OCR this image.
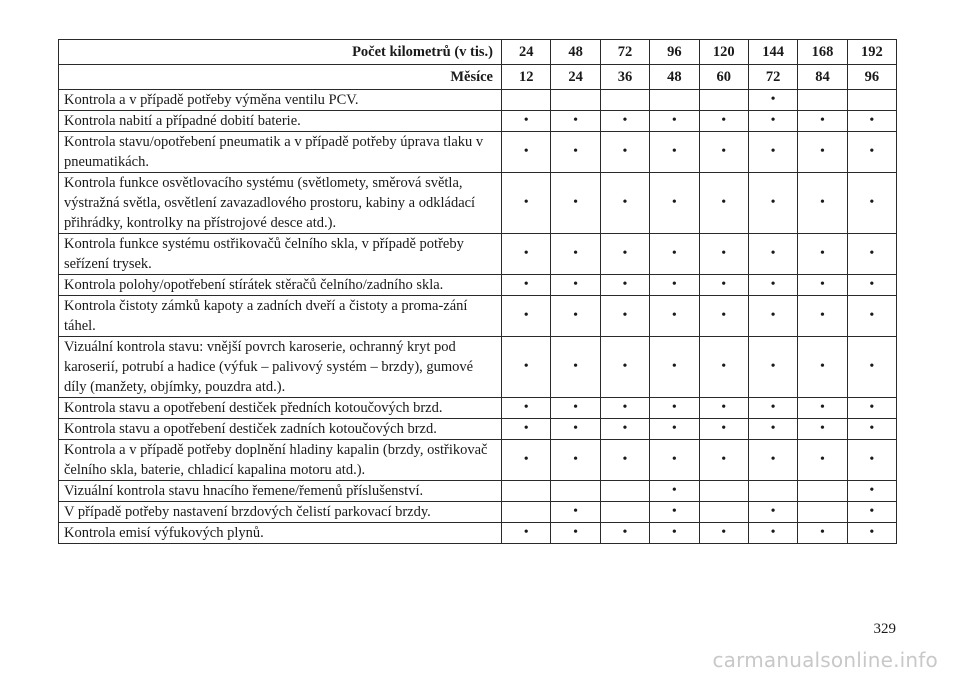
Počet kilometrů (v tis.)	24	48	72	96	120	144	168	192
Měsíce	12	24	36	48	60	72	84	96
Kontrola a v případě potřeby výměna ventilu PCV.						•		
Kontrola nabití a případné dobití baterie.	•	•	•	•	•	•	•	•
Kontrola stavu/opotřebení pneumatik a v případě potřeby úprava tlaku v pneumatikách.	•	•	•	•	•	•	•	•
Kontrola funkce osvětlovacího systému (světlomety, směrová světla, výstražná světla, osvětlení zavazadlového prostoru, kabiny a odkládací přihrádky, kontrolky na přístrojové desce atd.).	•	•	•	•	•	•	•	•
Kontrola funkce systému ostřikovačů čelního skla, v případě potřeby seřízení trysek.	•	•	•	•	•	•	•	•
Kontrola polohy/opotřebení stírátek stěračů čelního/zadního skla.	•	•	•	•	•	•	•	•
Kontrola čistoty zámků kapoty a zadních dveří a čistoty a proma-zání táhel.	•	•	•	•	•	•	•	•
Vizuální kontrola stavu: vnější povrch karoserie, ochranný kryt pod karoserií, potrubí a hadice (výfuk – palivový systém – brzdy), gumové díly (manžety, objímky, pouzdra atd.).	•	•	•	•	•	•	•	•
Kontrola stavu a opotřebení destiček předních kotoučových brzd.	•	•	•	•	•	•	•	•
Kontrola stavu a opotřebení destiček zadních kotoučových brzd.	•	•	•	•	•	•	•	•
Kontrola a v případě potřeby doplnění hladiny kapalin (brzdy, ostřikovač čelního skla, baterie, chladicí kapalina motoru atd.).	•	•	•	•	•	•	•	•
Vizuální kontrola stavu hnacího řemene/řemenů příslušenství.				•				•
V případě potřeby nastavení brzdových čelistí parkovací brzdy.		•		•		•		•
Kontrola emisí výfukových plynů.	•	•	•	•	•	•	•	•
329
carmanualsonline.info
